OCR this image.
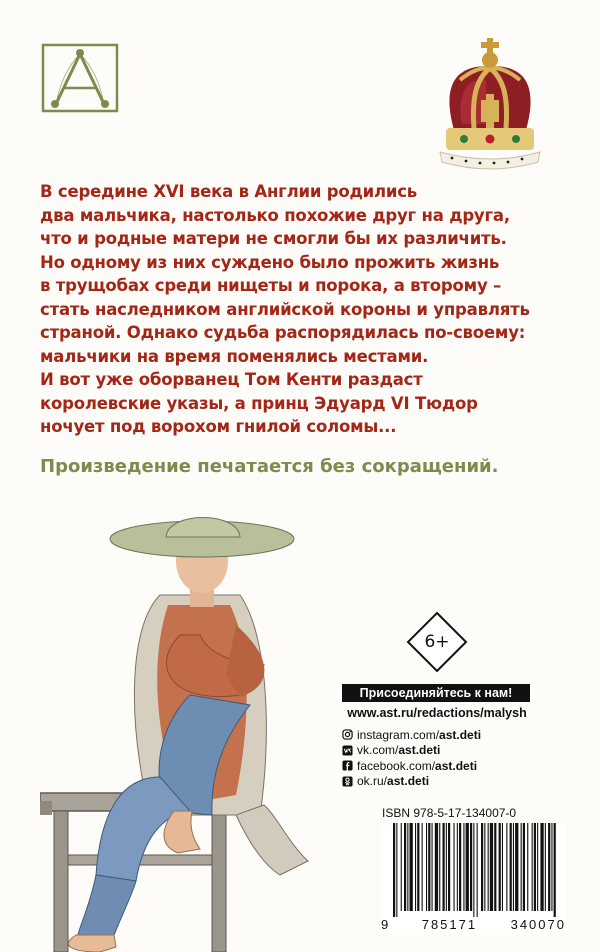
В середине XVI века в Англии родились
два мальчика, настолько похожие друг на друга,
что и родные матери не смогли бы их различить.
Но одному из них суждено было прожить жизнь
в трущобах среди нищеты и порока, а второму –
стать наследником английской короны и управлять
страной. Однако судьба распорядилась по-своему:
мальчики на время поменялись местами.
И вот уже оборванец Том Кенти раздаст
королевские указы, а принц Эдуард VI Тюдор
ночует под ворохом гнилой соломы...

Произведение печатается без сокращений.
6+
Присоединяйтесь к нам!
www.ast.ru/redactions/malysh
instagram.com/ ast.deti
vk.com/ ast.deti
facebook.com/ ast.deti
ok.ru/ ast.deti
ISBN 978-5-17-134007-0
9	785171	340070
